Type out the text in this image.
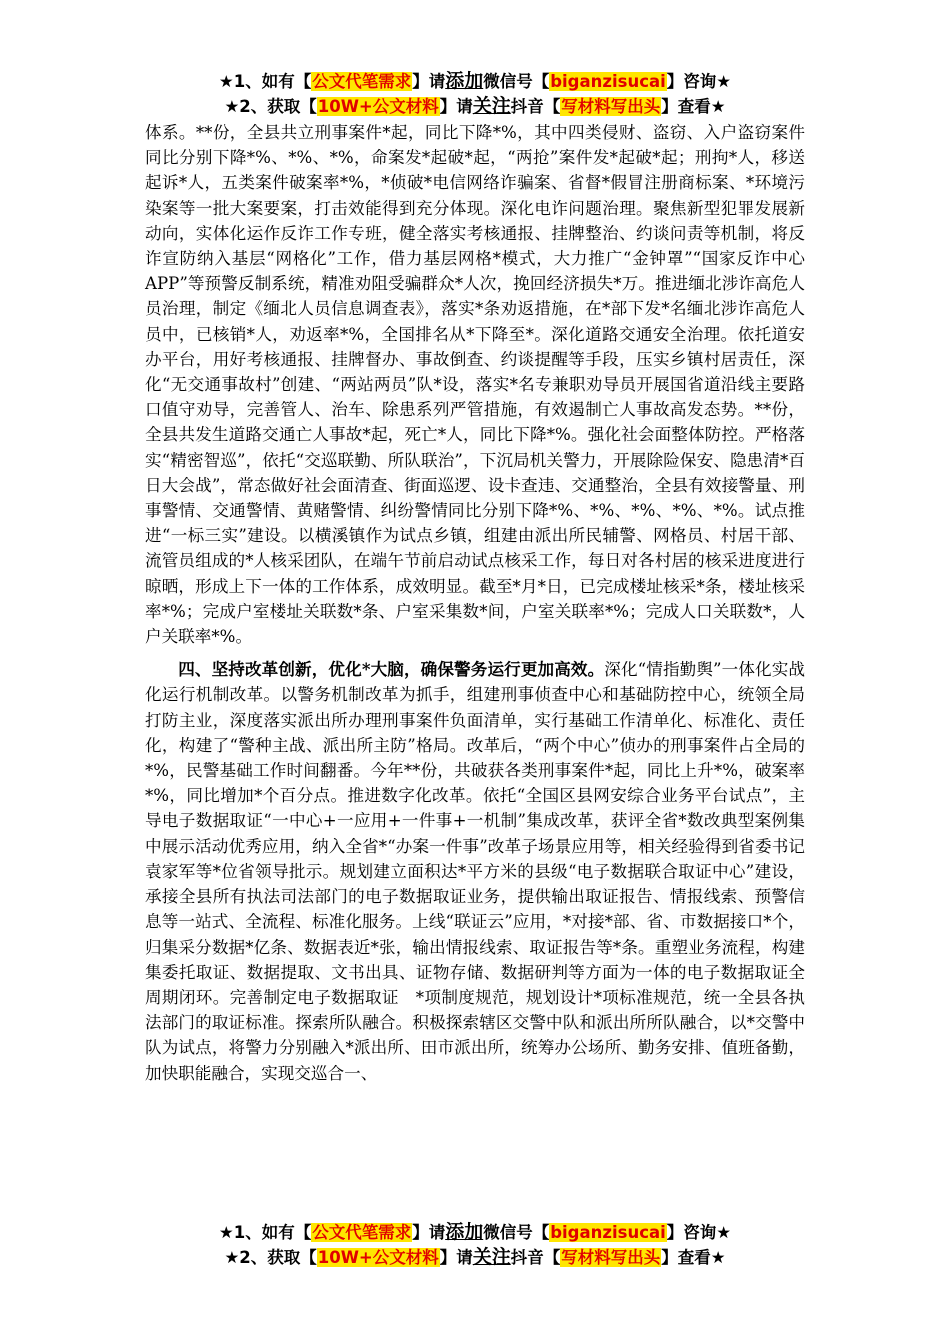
★1、如有【公文代笔需求】请添加微信号【biganzisucai】咨询★
★2、获取【10W+公文材料】请关注抖音【写材料写出头】查看★

体系。**份，全县共立刑事案件*起，同比下降*%，其中四类侵财、盗窃、入户盗窃案件同比分别下降*%、*%、*%，命案发*起破*起，“两抢”案件发*起破*起；刑拘*人，移送起诉*人，五类案件破案率*%，*侦破*电信网络诈骗案、省督*假冒注册商标案、*环境污染案等一批大案要案，打击效能得到充分体现。深化电诈问题治理。聚焦新型犯罪发展新动向，实体化运作反诈工作专班，健全落实考核通报、挂牌整治、约谈问责等机制，将反诈宣防纳入基层“网格化”工作，借力基层网格*模式，大力推广“金钟罩”“国家反诈中心APP”等预警反制系统，精准劝阻受骗群众*人次，挽回经济损失*万。推进缅北涉诈高危人员治理，制定《缅北人员信息调查表》，落实*条劝返措施，在*部下发*名缅北涉诈高危人员中，已核销*人，劝返率*%，全国排名从*下降至*。深化道路交通安全治理。依托道安办平台，用好考核通报、挂牌督办、事故倒查、约谈提醒等手段，压实乡镇村居责任，深化“无交通事故村”创建、“两站两员”队*设，落实*名专兼职劝导员开展国省道沿线主要路口值守劝导，完善管人、治车、除患系列严管措施，有效遏制亡人事故高发态势。**份，全县共发生道路交通亡人事故*起，死亡*人，同比下降*%。强化社会面整体防控。严格落实“精密智巡”，依托“交巡联勤、所队联治”，下沉局机关警力，开展除险保安、隐患清*百日大会战”，常态做好社会面清查、街面巡逻、设卡查违、交通整治，全县有效接警量、刑事警情、交通警情、黄赌警情、纠纷警情同比分别下降*%、*%、*%、*%、*%。试点推进“一标三实”建设。以横溪镇作为试点乡镇，组建由派出所民辅警、网格员、村居干部、流管员组成的*人核采团队，在端午节前启动试点核采工作，每日对各村居的核采进度进行晾晒，形成上下一体的工作体系，成效明显。截至*月*日，已完成楼址核采*条，楼址核采率*%；完成户室楼址关联数*条、户室采集数*间，户室关联率*%；完成人口关联数*，人户关联率*%。

四、坚持改革创新，优化*大脑，确保警务运行更加高效。深化“情指勤舆”一体化实战化运行机制改革。以警务机制改革为抓手，组建刑事侦查中心和基础防控中心，统领全局打防主业，深度落实派出所办理刑事案件负面清单，实行基础工作清单化、标准化、责任化，构建了“警种主战、派出所主防”格局。改革后，“两个中心”侦办的刑事案件占全局的*%，民警基础工作时间翻番。今年**份，共破获各类刑事案件*起，同比上升*%，破案率*%，同比增加*个百分点。推进数字化改革。依托“全国区县网安综合业务平台试点”，主导电子数据取证“一中心+一应用+一件事+一机制”集成改革，获评全省*数改典型案例集中展示活动优秀应用，纳入全省*“办案一件事”改革子场景应用等，相关经验得到省委书记袁家军等*位省领导批示。规划建立面积达*平方米的县级“电子数据联合取证中心”建设，承接全县所有执法司法部门的电子数据取证业务，提供输出取证报告、情报线索、预警信息等一站式、全流程、标准化服务。上线“联证云”应用，*对接*部、省、市数据接口*个，归集采分数据*亿条、数据表近*张，输出情报线索、取证报告等*条。重塑业务流程，构建集委托取证、数据提取、文书出具、证物存储、数据研判等方面为一体的电子数据取证全周期闭环。完善制定电子数据取证　*项制度规范，规划设计*项标准规范，统一全县各执法部门的取证标准。探索所队融合。积极探索辖区交警中队和派出所所队融合，以*交警中队为试点，将警力分别融入*派出所、田市派出所，统筹办公场所、勤务安排、值班备勤，加快职能融合，实现交巡合一、

★1、如有【公文代笔需求】请添加微信号【biganzisucai】咨询★
★2、获取【10W+公文材料】请关注抖音【写材料写出头】查看★
